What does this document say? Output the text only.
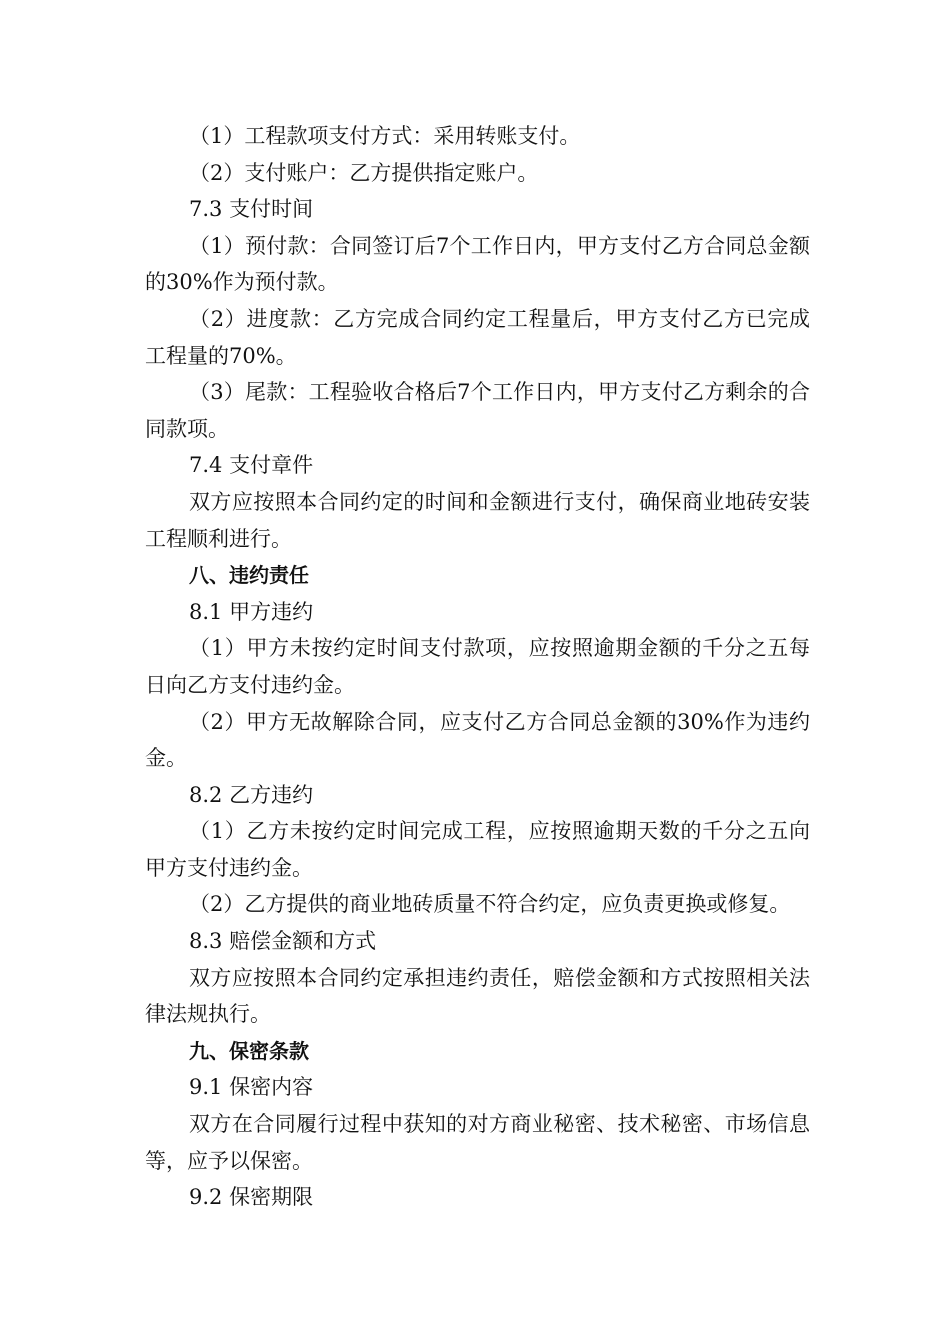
（1）工程款项支付方式：采用转账支付。

（2）支付账户：乙方提供指定账户。

7.3 支付时间

（1）预付款：合同签订后7个工作日内，甲方支付乙方合同总金额的30%作为预付款。

（2）进度款：乙方完成合同约定工程量后，甲方支付乙方已完成工程量的70%。

（3）尾款：工程验收合格后7个工作日内，甲方支付乙方剩余的合同款项。

7.4 支付章件

双方应按照本合同约定的时间和金额进行支付，确保商业地砖安装工程顺利进行。

八、违约责任

8.1 甲方违约

（1）甲方未按约定时间支付款项，应按照逾期金额的千分之五每日向乙方支付违约金。

（2）甲方无故解除合同，应支付乙方合同总金额的30%作为违约金。

8.2 乙方违约

（1）乙方未按约定时间完成工程，应按照逾期天数的千分之五向甲方支付违约金。

（2）乙方提供的商业地砖质量不符合约定，应负责更换或修复。

8.3 赔偿金额和方式

双方应按照本合同约定承担违约责任，赔偿金额和方式按照相关法律法规执行。

九、保密条款

9.1 保密内容

双方在合同履行过程中获知的对方商业秘密、技术秘密、市场信息等，应予以保密。

9.2 保密期限
